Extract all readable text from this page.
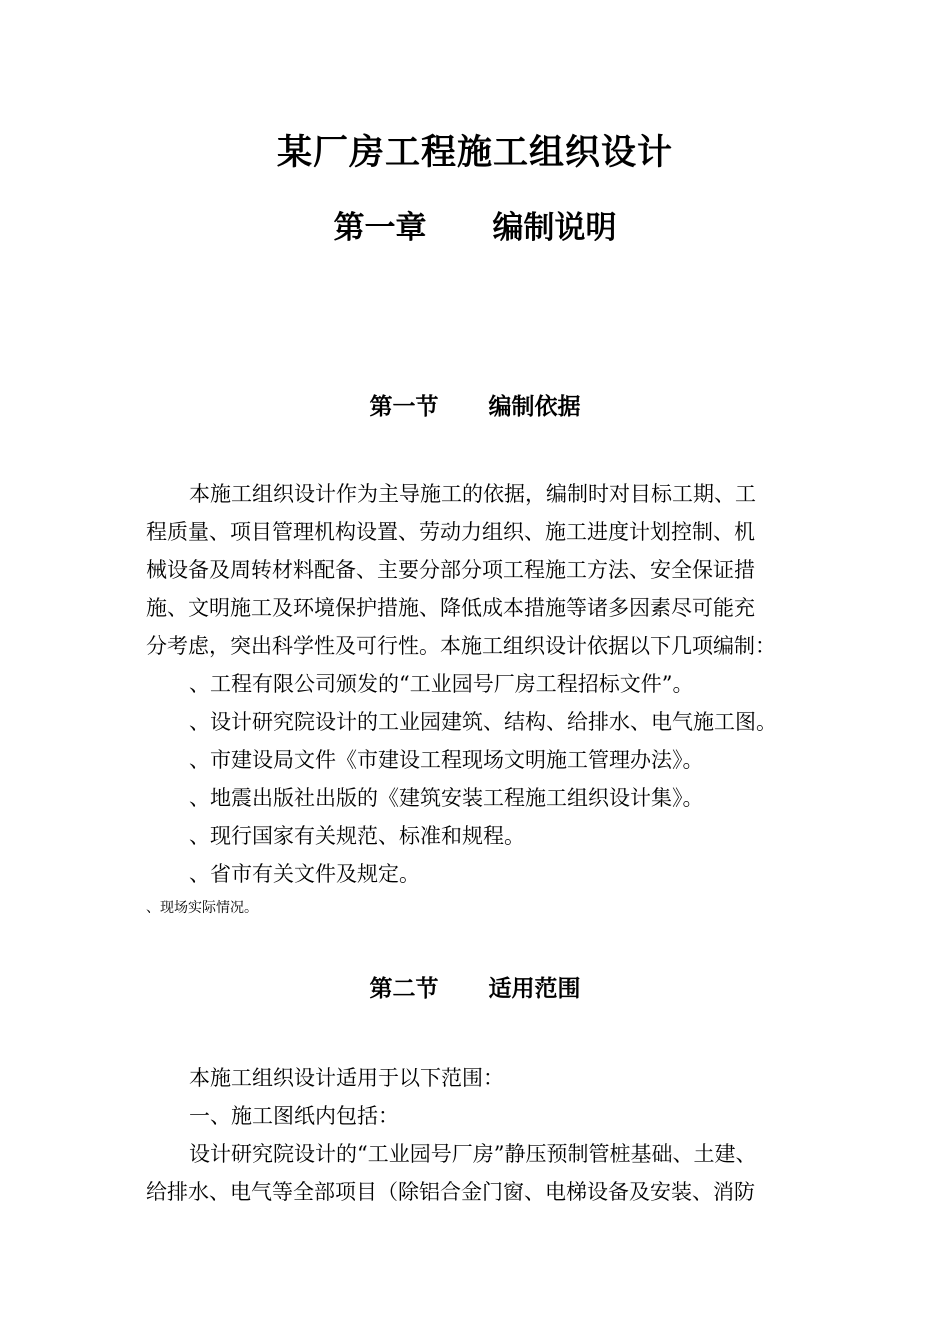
某厂房工程施工组织设计
第一章 编制说明
第一节 编制依据
本施工组织设计作为主导施工的依据，编制时对目标工期、工
程质量、项目管理机构设置、劳动力组织、施工进度计划控制、机
械设备及周转材料配备、主要分部分项工程施工方法、安全保证措
施、文明施工及环境保护措施、降低成本措施等诸多因素尽可能充
分考虑，突出科学性及可行性。本施工组织设计依据以下几项编制：
、工程有限公司颁发的“工业园号厂房工程招标文件”。
、设计研究院设计的工业园建筑、结构、给排水、电气施工图。
、市建设局文件《市建设工程现场文明施工管理办法》。
、地震出版社出版的《建筑安装工程施工组织设计集》。
、现行国家有关规范、标准和规程。
、省市有关文件及规定。
、现场实际情况。
第二节 适用范围
本施工组织设计适用于以下范围：
一、施工图纸内包括：
设计研究院设计的“工业园号厂房”静压预制管桩基础、土建、
给排水、电气等全部项目（除铝合金门窗、电梯设备及安装、消防
